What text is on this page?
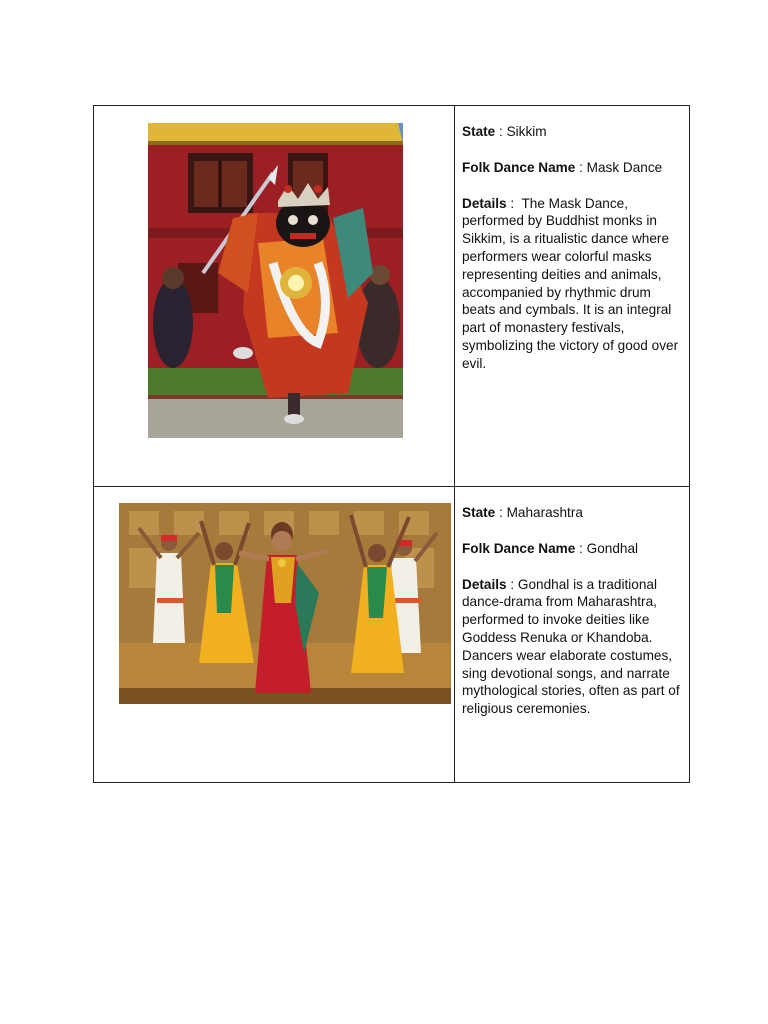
State : Sikkim

Folk Dance Name : Mask Dance

Details :  The Mask Dance, performed by Buddhist monks in Sikkim, is a ritualistic dance where performers wear colorful masks representing deities and animals, accompanied by rhythmic drum beats and cymbals. It is an integral part of monastery festivals, symbolizing the victory of good over evil.

State : Maharashtra

Folk Dance Name : Gondhal

Details : Gondhal is a traditional dance-drama from Maharashtra, performed to invoke deities like Goddess Renuka or Khandoba. Dancers wear elaborate costumes, sing devotional songs, and narrate mythological stories, often as part of religious ceremonies.
